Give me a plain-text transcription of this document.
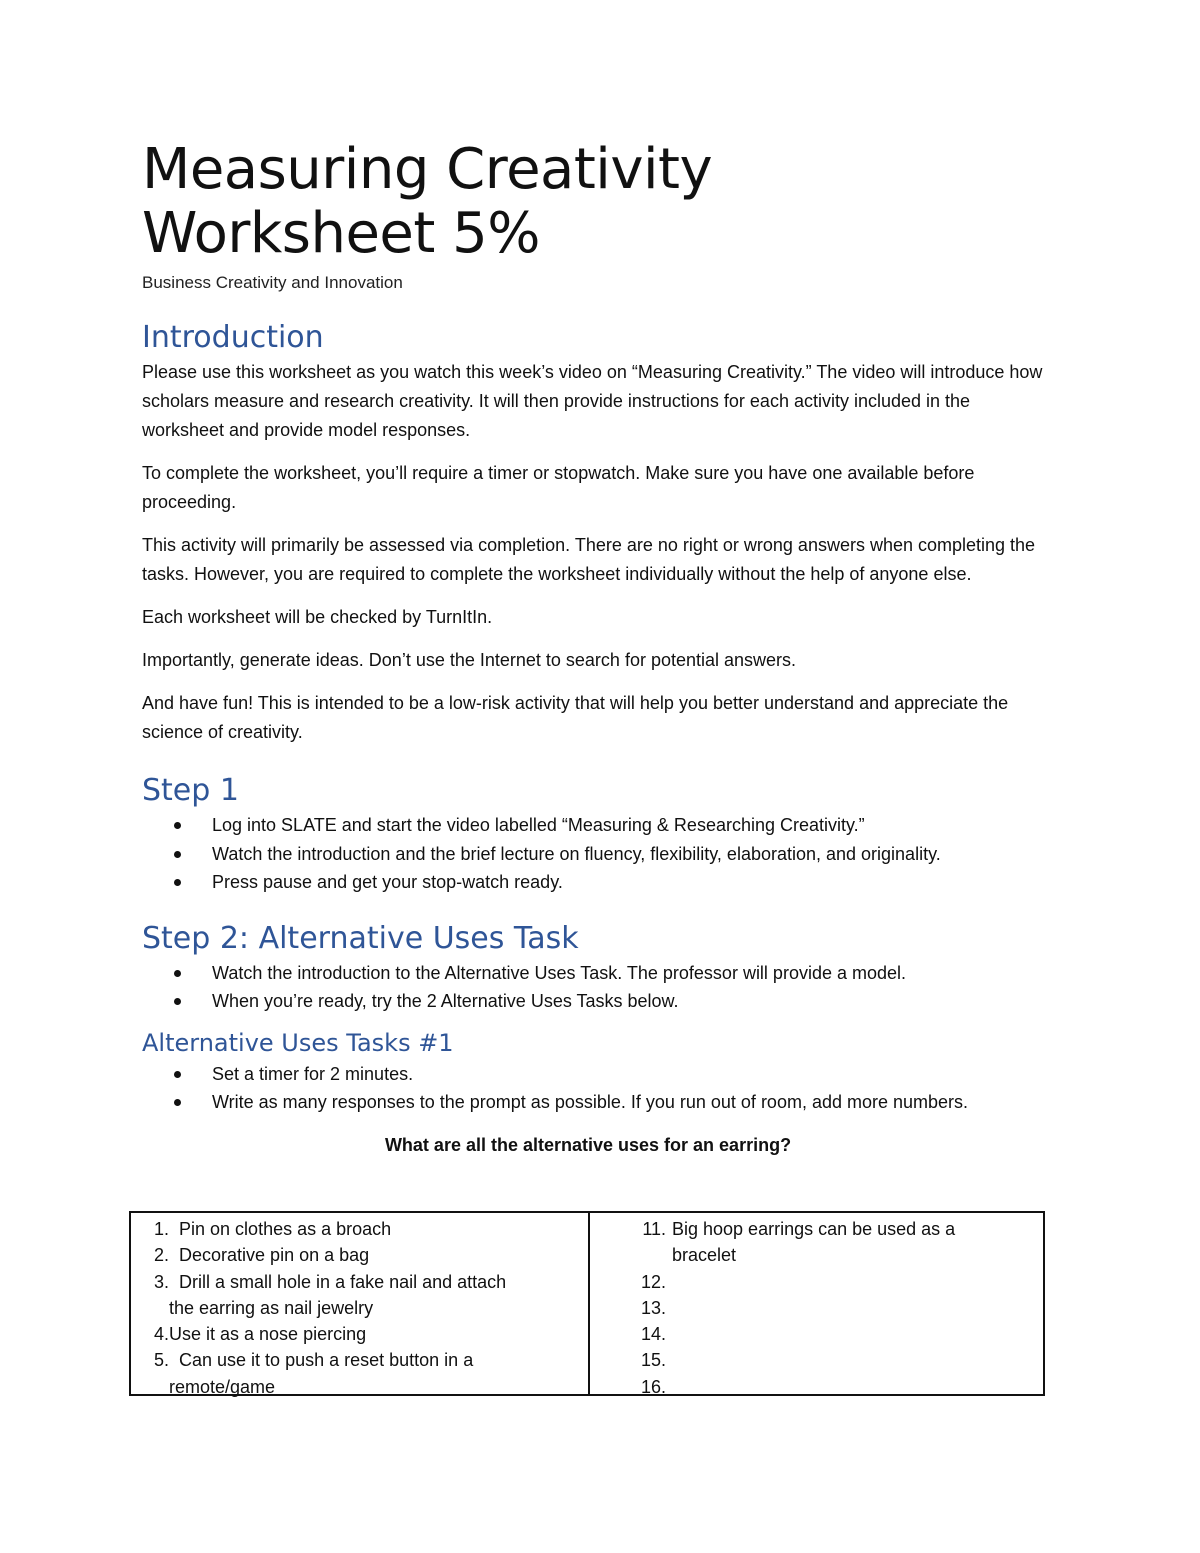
Measuring Creativity Worksheet 5%
Business Creativity and Innovation
Introduction

Please use this worksheet as you watch this week’s video on “Measuring Creativity.” The video will introduce how scholars measure and research creativity. It will then provide instructions for each activity included in the worksheet and provide model responses.

To complete the worksheet, you’ll require a timer or stopwatch. Make sure you have one available before proceeding.

This activity will primarily be assessed via completion. There are no right or wrong answers when completing the tasks. However, you are required to complete the worksheet individually without the help of anyone else.

Each worksheet will be checked by TurnItIn.

Importantly, generate ideas. Don’t use the Internet to search for potential answers.

And have fun! This is intended to be a low-risk activity that will help you better understand and appreciate the science of creativity.

Step 1
Log into SLATE and start the video labelled “Measuring & Researching Creativity.”
Watch the introduction and the brief lecture on fluency, flexibility, elaboration, and originality.
Press pause and get your stop-watch ready.
Step 2: Alternative Uses Task
Watch the introduction to the Alternative Uses Task. The professor will provide a model.
When you’re ready, try the 2 Alternative Uses Tasks below.
Alternative Uses Tasks #1
Set a timer for 2 minutes.
Write as many responses to the prompt as possible. If you run out of room, add more numbers.
What are all the alternative uses for an earring?
1. Pin on clothes as a broach
2. Decorative pin on a bag
3. Drill a small hole in a fake nail and attach
the earring as nail jewelry
4. Use it as a nose piercing
5. Can use it to push a reset button in a
remote/game
11. Big hoop earrings can be used as a
bracelet
12.
13.
14.
15.
16.
